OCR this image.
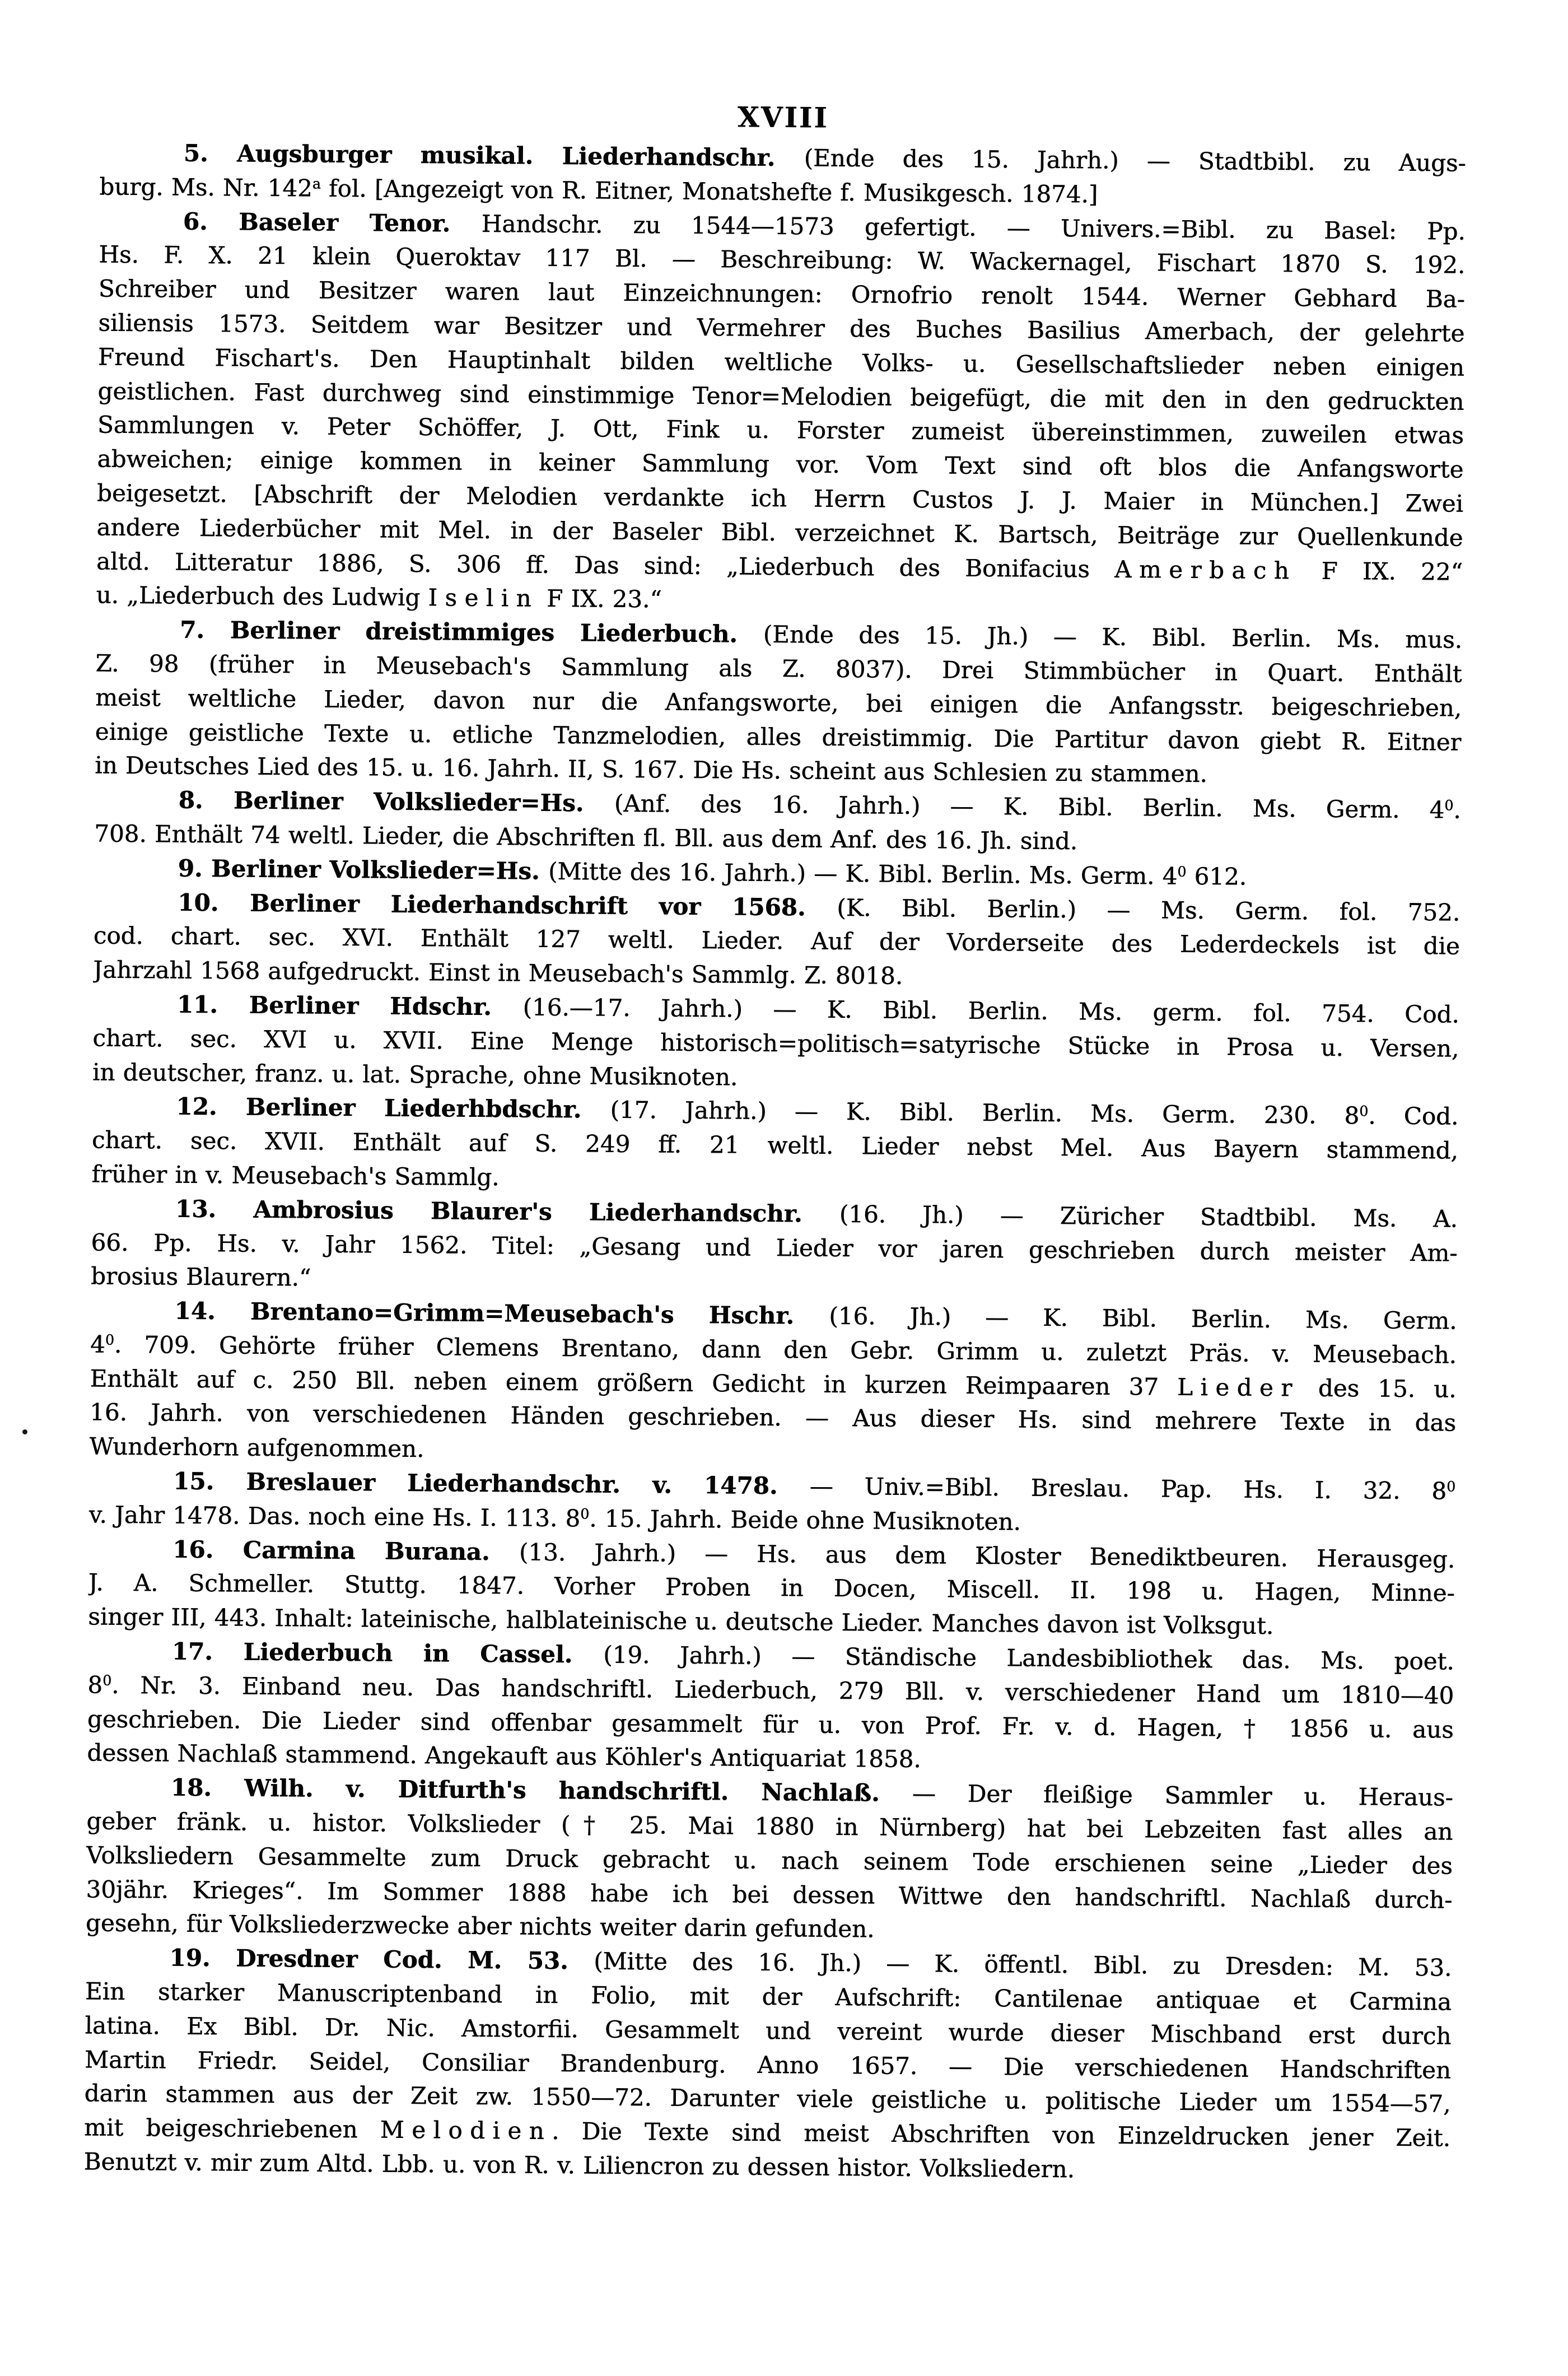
XVIII
5. Augsburger musikal. Liederhandschr. (Ende des 15. Jahrh.) — Stadtbibl. zu Augs-
burg. Ms. Nr. 142$^a$ fol. [Angezeigt von R. Eitner, Monatshefte f. Musikgesch. 1874.]
6. Baseler Tenor. Handschr. zu 1544—1573 gefertigt. — Univers.=Bibl. zu Basel: Pp.
Hs. F. X. 21 klein Queroktav 117 Bl. — Beschreibung: W. Wackernagel, Fischart 1870 S. 192.
Schreiber und Besitzer waren laut Einzeichnungen: Ornofrio renolt 1544. Werner Gebhard Ba-
siliensis 1573. Seitdem war Besitzer und Vermehrer des Buches Basilius Amerbach, der gelehrte
Freund Fischart's. Den Hauptinhalt bilden weltliche Volks- u. Gesellschaftslieder neben einigen
geistlichen. Fast durchweg sind einstimmige Tenor=Melodien beigefügt, die mit den in den gedruckten
Sammlungen v. Peter Schöffer, J. Ott, Fink u. Forster zumeist übereinstimmen, zuweilen etwas
abweichen; einige kommen in keiner Sammlung vor. Vom Text sind oft blos die Anfangsworte
beigesetzt. [Abschrift der Melodien verdankte ich Herrn Custos J. J. Maier in München.] Zwei
andere Liederbücher mit Mel. in der Baseler Bibl. verzeichnet K. Bartsch, Beiträge zur Quellenkunde
altd. Litteratur 1886, S. 306 ff. Das sind: „Liederbuch des Bonifacius Amerbach F IX. 22“
u. „Liederbuch des Ludwig Iselin F IX. 23.“
7. Berliner dreistimmiges Liederbuch. (Ende des 15. Jh.) — K. Bibl. Berlin. Ms. mus.
Z. 98 (früher in Meusebach's Sammlung als Z. 8037). Drei Stimmbücher in Quart. Enthält
meist weltliche Lieder, davon nur die Anfangsworte, bei einigen die Anfangsstr. beigeschrieben,
einige geistliche Texte u. etliche Tanzmelodien, alles dreistimmig. Die Partitur davon giebt R. Eitner
in Deutsches Lied des 15. u. 16. Jahrh. II, S. 167. Die Hs. scheint aus Schlesien zu stammen.
8. Berliner Volkslieder=Hs. (Anf. des 16. Jahrh.) — K. Bibl. Berlin. Ms. Germ. $4^0$.
708. Enthält 74 weltl. Lieder, die Abschriften fl. Bll. aus dem Anf. des 16. Jh. sind.
9. Berliner Volkslieder=Hs. (Mitte des 16. Jahrh.) — K. Bibl. Berlin. Ms. Germ. $4^0$ 612.
10. Berliner Liederhandschrift vor 1568. (K. Bibl. Berlin.) — Ms. Germ. fol. 752.
cod. chart. sec. XVI. Enthält 127 weltl. Lieder. Auf der Vorderseite des Lederdeckels ist die
Jahrzahl 1568 aufgedruckt. Einst in Meusebach's Sammlg. Z. 8018.
11. Berliner Hdschr. (16.—17. Jahrh.) — K. Bibl. Berlin. Ms. germ. fol. 754. Cod.
chart. sec. XVI u. XVII. Eine Menge historisch=politisch=satyrische Stücke in Prosa u. Versen,
in deutscher, franz. u. lat. Sprache, ohne Musiknoten.
12. Berliner Liederhbdschr. (17. Jahrh.) — K. Bibl. Berlin. Ms. Germ. 230. $8^0$. Cod.
chart. sec. XVII. Enthält auf S. 249 ff. 21 weltl. Lieder nebst Mel. Aus Bayern stammend,
früher in v. Meusebach's Sammlg.
13. Ambrosius Blaurer's Liederhandschr. (16. Jh.) — Züricher Stadtbibl. Ms. A.
66. Pp. Hs. v. Jahr 1562. Titel: „Gesang und Lieder vor jaren geschrieben durch meister Am-
brosius Blaurern.“
14. Brentano=Grimm=Meusebach's Hschr. (16. Jh.) — K. Bibl. Berlin. Ms. Germ.
$4^0$. 709. Gehörte früher Clemens Brentano, dann den Gebr. Grimm u. zuletzt Präs. v. Meusebach.
Enthält auf c. 250 Bll. neben einem größern Gedicht in kurzen Reimpaaren 37 Lieder des 15. u.
16. Jahrh. von verschiedenen Händen geschrieben. — Aus dieser Hs. sind mehrere Texte in das
Wunderhorn aufgenommen.
15. Breslauer Liederhandschr. v. 1478. — Univ.=Bibl. Breslau. Pap. Hs. I. 32. $8^0$
v. Jahr 1478. Das. noch eine Hs. I. 113. $8^0$. 15. Jahrh. Beide ohne Musiknoten.
16. Carmina Burana. (13. Jahrh.) — Hs. aus dem Kloster Benediktbeuren. Herausgeg.
J. A. Schmeller. Stuttg. 1847. Vorher Proben in Docen, Miscell. II. 198 u. Hagen, Minne-
singer III, 443. Inhalt: lateinische, halblateinische u. deutsche Lieder. Manches davon ist Volksgut.
17. Liederbuch in Cassel. (19. Jahrh.) — Ständische Landesbibliothek das. Ms. poet.
$8^0$. Nr. 3. Einband neu. Das handschriftl. Liederbuch, 279 Bll. v. verschiedener Hand um 1810—40
geschrieben. Die Lieder sind offenbar gesammelt für u. von Prof. Fr. v. d. Hagen, † 1856 u. aus
dessen Nachlaß stammend. Angekauft aus Köhler's Antiquariat 1858.
18. Wilh. v. Ditfurth's handschriftl. Nachlaß. — Der fleißige Sammler u. Heraus-
geber fränk. u. histor. Volkslieder († 25. Mai 1880 in Nürnberg) hat bei Lebzeiten fast alles an
Volksliedern Gesammelte zum Druck gebracht u. nach seinem Tode erschienen seine „Lieder des
30jähr. Krieges“. Im Sommer 1888 habe ich bei dessen Wittwe den handschriftl. Nachlaß durch-
gesehn, für Volksliederzwecke aber nichts weiter darin gefunden.
19. Dresdner Cod. M. 53. (Mitte des 16. Jh.) — K. öffentl. Bibl. zu Dresden: M. 53.
Ein starker Manuscriptenband in Folio, mit der Aufschrift: Cantilenae antiquae et Carmina
latina. Ex Bibl. Dr. Nic. Amstorfii. Gesammelt und vereint wurde dieser Mischband erst durch
Martin Friedr. Seidel, Consiliar Brandenburg. Anno 1657. — Die verschiedenen Handschriften
darin stammen aus der Zeit zw. 1550—72. Darunter viele geistliche u. politische Lieder um 1554—57,
mit beigeschriebenen Melodien. Die Texte sind meist Abschriften von Einzeldrucken jener Zeit.
Benutzt v. mir zum Altd. Lbb. u. von R. v. Liliencron zu dessen histor. Volksliedern.
